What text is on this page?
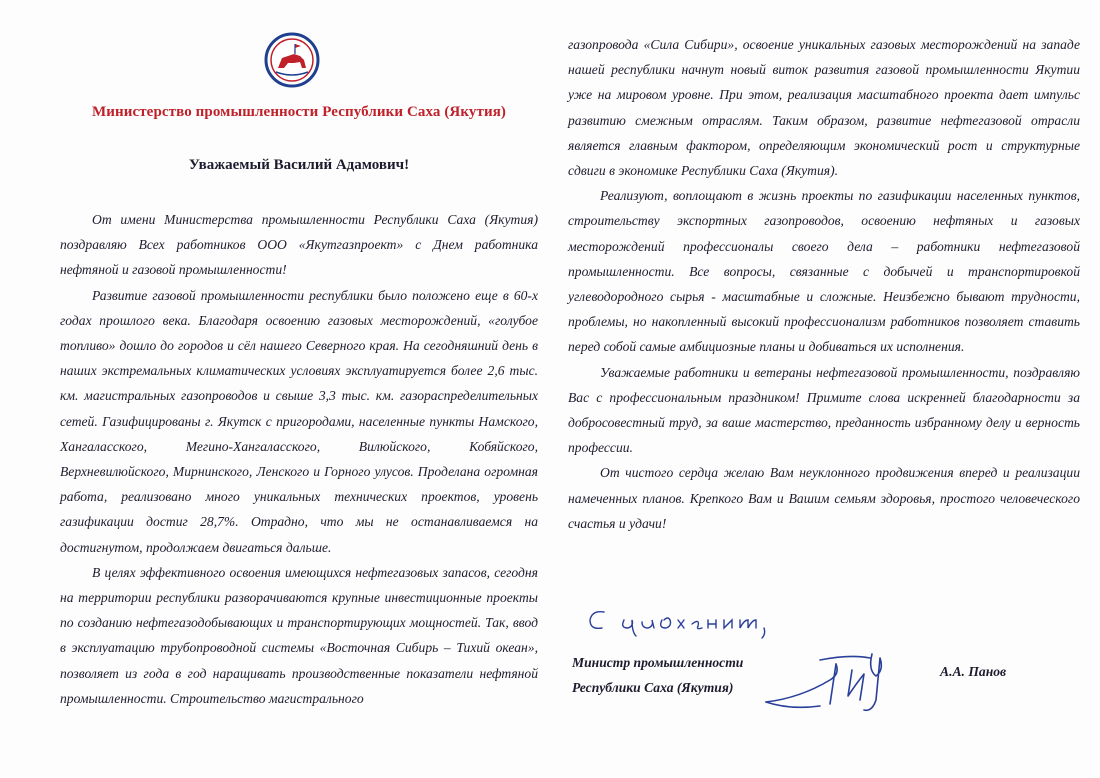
Министерство промышленности Республики Саха (Якутия)
Уважаемый Василий Адамович!

От имени Министерства промышленности Республики Саха (Якутия) поздравляю Всех работников ООО «Якутгазпроект» с Днем работника нефтяной и газовой промышленности!

Развитие газовой промышленности республики было положено еще в 60-х годах прошлого века. Благодаря освоению газовых месторождений, «голубое топливо» дошло до городов и сёл нашего Северного края. На сегодняшний день в наших экстремальных климатических условиях эксплуатируется более 2,6 тыс. км. магистральных газопроводов и свыше 3,3 тыс. км. газораспределительных сетей. Газифицированы г. Якутск с пригородами, населенные пункты Намского, Хангаласского, Мегино-Хангаласского, Вилюйского, Кобяйского, Верхневилюйского, Мирнинского, Ленского и Горного улусов. Проделана огромная работа, реализовано много уникальных технических проектов, уровень газификации достиг 28,7%. Отрадно, что мы не останавливаемся на достигнутом, продолжаем двигаться дальше.

В целях эффективного освоения имеющихся нефтегазовых запасов, сегодня на территории республики разворачиваются крупные инвестиционные проекты по созданию нефтегазодобывающих и транспортирующих мощностей. Так, ввод в эксплуатацию трубопроводной системы «Восточная Сибирь – Тихий океан», позволяет из года в год наращивать производственные показатели нефтяной промышленности. Строительство магистрального

газопровода «Сила Сибири», освоение уникальных газовых месторождений на западе нашей республики начнут новый виток развития газовой промышленности Якутии уже на мировом уровне. При этом, реализация масштабного проекта дает импульс развитию смежным отраслям. Таким образом, развитие нефтегазовой отрасли является главным фактором, определяющим экономический рост и структурные сдвиги в экономике Республики Саха (Якутия).

Реализуют, воплощают в жизнь проекты по газификации населенных пунктов, строительству экспортных газопроводов, освоению нефтяных и газовых месторождений профессионалы своего дела – работники нефтегазовой промышленности. Все вопросы, связанные с добычей и транспортировкой углеводородного сырья - масштабные и сложные. Неизбежно бывают трудности, проблемы, но накопленный высокий профессионализм работников позволяет ставить перед собой самые амбициозные планы и добиваться их исполнения.

Уважаемые работники и ветераны нефтегазовой промышленности, поздравляю Вас с профессиональным праздником! Примите слова искренней благодарности за добросовестный труд, за ваше мастерство, преданность избранному делу и верность профессии.

От чистого сердца желаю Вам неуклонного продвижения вперед и реализации намеченных планов. Крепкого Вам и Вашим семьям здоровья, простого человеческого счастья и удачи!

Министр промышленности
Республики Саха (Якутия)
А.А. Панов
